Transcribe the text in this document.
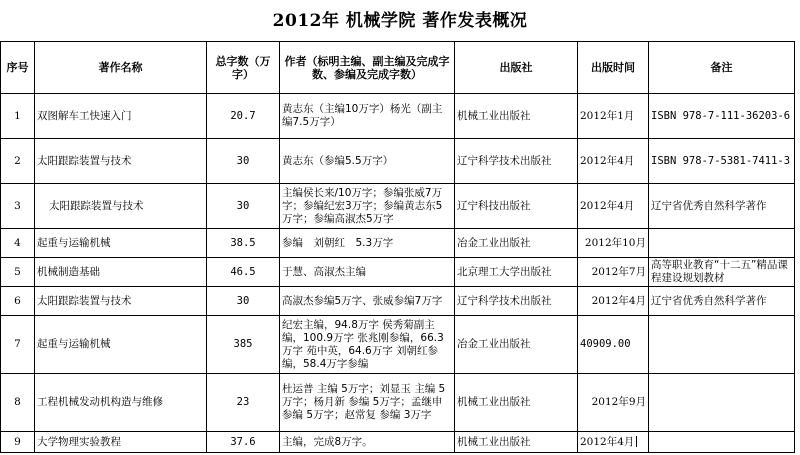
2012年 机械学院 著作发表概况
序号	著作名称	总字数（万字）	作者（标明主编、副主编及完成字数、参编及完成字数）	出版社	出版时间	备注
1	双图解车工快速入门	20.7	黄志东（主编10万字）杨光（副主编7.5万字）	机械工业出版社	2012年1月	ISBN 978-7-111-36203-6
2	太阳跟踪装置与技术	30	黄志东（参编5.5万字）	辽宁科学技术出版社	2012年4月	ISBN 978-7-5381-7411-3
3	太阳跟踪装置与技术	30	主编侯长来/10万字；参编张威7万字；参编纪宏3万字；参编黄志东5万字；参编高淑杰5万字	辽宁科技出版社	2012年4月	辽宁省优秀自然科学著作
4	起重与运输机械	38.5	参编　刘朝红　5.3万字	冶金工业出版社	2012年10月	
5	机械制造基础	46.5	于慧、高淑杰主编	北京理工大学出版社	2012年7月	高等职业教育“十二五”精品课程建设规划教材
6	太阳跟踪装置与技术	30	高淑杰参编5万字、张威参编7万字	辽宁科学技术出版社	2012年4月	辽宁省优秀自然科学著作
7	起重与运输机械	385	纪宏主编，94.8万字 侯秀菊副主编，100.9万字 张兆刚参编，66.3万字 苑中英，64.6万字 刘朝红参编，58.4万字参编	冶金工业出版社	40909.00	
8	工程机械发动机构造与维修	23	杜运普 主编 5万字；刘显玉 主编 5万字；杨月新 参编 5万字；孟继申 参编 5万字；赵常复 参编 3万字	机械工业出版社	2012年9月	
9	大学物理实验教程	37.6	主编，完成8万字。	机械工业出版社	2012年4月	
